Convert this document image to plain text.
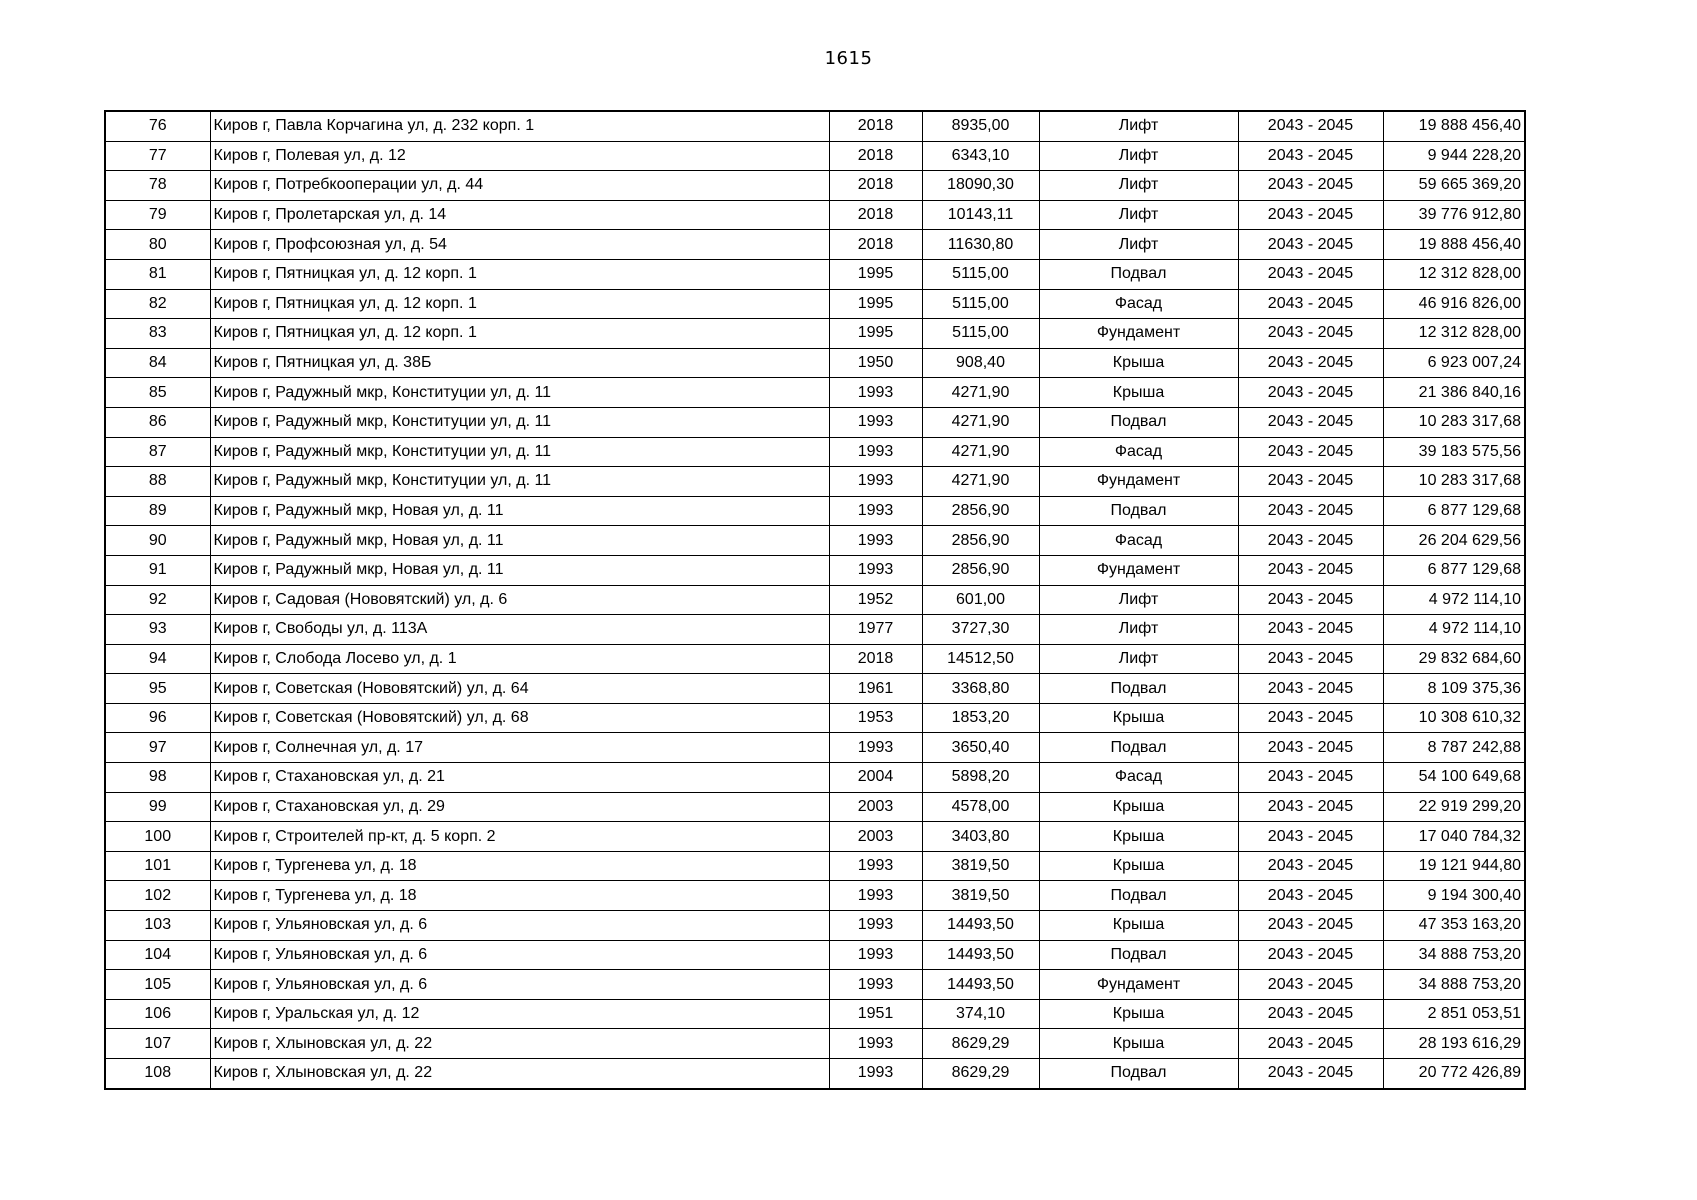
1615
76	Киров г, Павла Корчагина ул, д. 232 корп. 1	2018	8935,00	Лифт	2043 - 2045	19 888 456,40
77	Киров г, Полевая ул, д. 12	2018	6343,10	Лифт	2043 - 2045	9 944 228,20
78	Киров г, Потребкооперации ул, д. 44	2018	18090,30	Лифт	2043 - 2045	59 665 369,20
79	Киров г, Пролетарская ул, д. 14	2018	10143,11	Лифт	2043 - 2045	39 776 912,80
80	Киров г, Профсоюзная ул, д. 54	2018	11630,80	Лифт	2043 - 2045	19 888 456,40
81	Киров г, Пятницкая ул, д. 12 корп. 1	1995	5115,00	Подвал	2043 - 2045	12 312 828,00
82	Киров г, Пятницкая ул, д. 12 корп. 1	1995	5115,00	Фасад	2043 - 2045	46 916 826,00
83	Киров г, Пятницкая ул, д. 12 корп. 1	1995	5115,00	Фундамент	2043 - 2045	12 312 828,00
84	Киров г, Пятницкая ул, д. 38Б	1950	908,40	Крыша	2043 - 2045	6 923 007,24
85	Киров г, Радужный мкр, Конституции ул, д. 11	1993	4271,90	Крыша	2043 - 2045	21 386 840,16
86	Киров г, Радужный мкр, Конституции ул, д. 11	1993	4271,90	Подвал	2043 - 2045	10 283 317,68
87	Киров г, Радужный мкр, Конституции ул, д. 11	1993	4271,90	Фасад	2043 - 2045	39 183 575,56
88	Киров г, Радужный мкр, Конституции ул, д. 11	1993	4271,90	Фундамент	2043 - 2045	10 283 317,68
89	Киров г, Радужный мкр, Новая ул, д. 11	1993	2856,90	Подвал	2043 - 2045	6 877 129,68
90	Киров г, Радужный мкр, Новая ул, д. 11	1993	2856,90	Фасад	2043 - 2045	26 204 629,56
91	Киров г, Радужный мкр, Новая ул, д. 11	1993	2856,90	Фундамент	2043 - 2045	6 877 129,68
92	Киров г, Садовая (Нововятский) ул, д. 6	1952	601,00	Лифт	2043 - 2045	4 972 114,10
93	Киров г, Свободы ул, д. 113А	1977	3727,30	Лифт	2043 - 2045	4 972 114,10
94	Киров г, Слобода Лосево ул, д. 1	2018	14512,50	Лифт	2043 - 2045	29 832 684,60
95	Киров г, Советская (Нововятский) ул, д. 64	1961	3368,80	Подвал	2043 - 2045	8 109 375,36
96	Киров г, Советская (Нововятский) ул, д. 68	1953	1853,20	Крыша	2043 - 2045	10 308 610,32
97	Киров г, Солнечная ул, д. 17	1993	3650,40	Подвал	2043 - 2045	8 787 242,88
98	Киров г, Стахановская ул, д. 21	2004	5898,20	Фасад	2043 - 2045	54 100 649,68
99	Киров г, Стахановская ул, д. 29	2003	4578,00	Крыша	2043 - 2045	22 919 299,20
100	Киров г, Строителей пр-кт, д. 5 корп. 2	2003	3403,80	Крыша	2043 - 2045	17 040 784,32
101	Киров г, Тургенева ул, д. 18	1993	3819,50	Крыша	2043 - 2045	19 121 944,80
102	Киров г, Тургенева ул, д. 18	1993	3819,50	Подвал	2043 - 2045	9 194 300,40
103	Киров г, Ульяновская ул, д. 6	1993	14493,50	Крыша	2043 - 2045	47 353 163,20
104	Киров г, Ульяновская ул, д. 6	1993	14493,50	Подвал	2043 - 2045	34 888 753,20
105	Киров г, Ульяновская ул, д. 6	1993	14493,50	Фундамент	2043 - 2045	34 888 753,20
106	Киров г, Уральская ул, д. 12	1951	374,10	Крыша	2043 - 2045	2 851 053,51
107	Киров г, Хлыновская ул, д. 22	1993	8629,29	Крыша	2043 - 2045	28 193 616,29
108	Киров г, Хлыновская ул, д. 22	1993	8629,29	Подвал	2043 - 2045	20 772 426,89
